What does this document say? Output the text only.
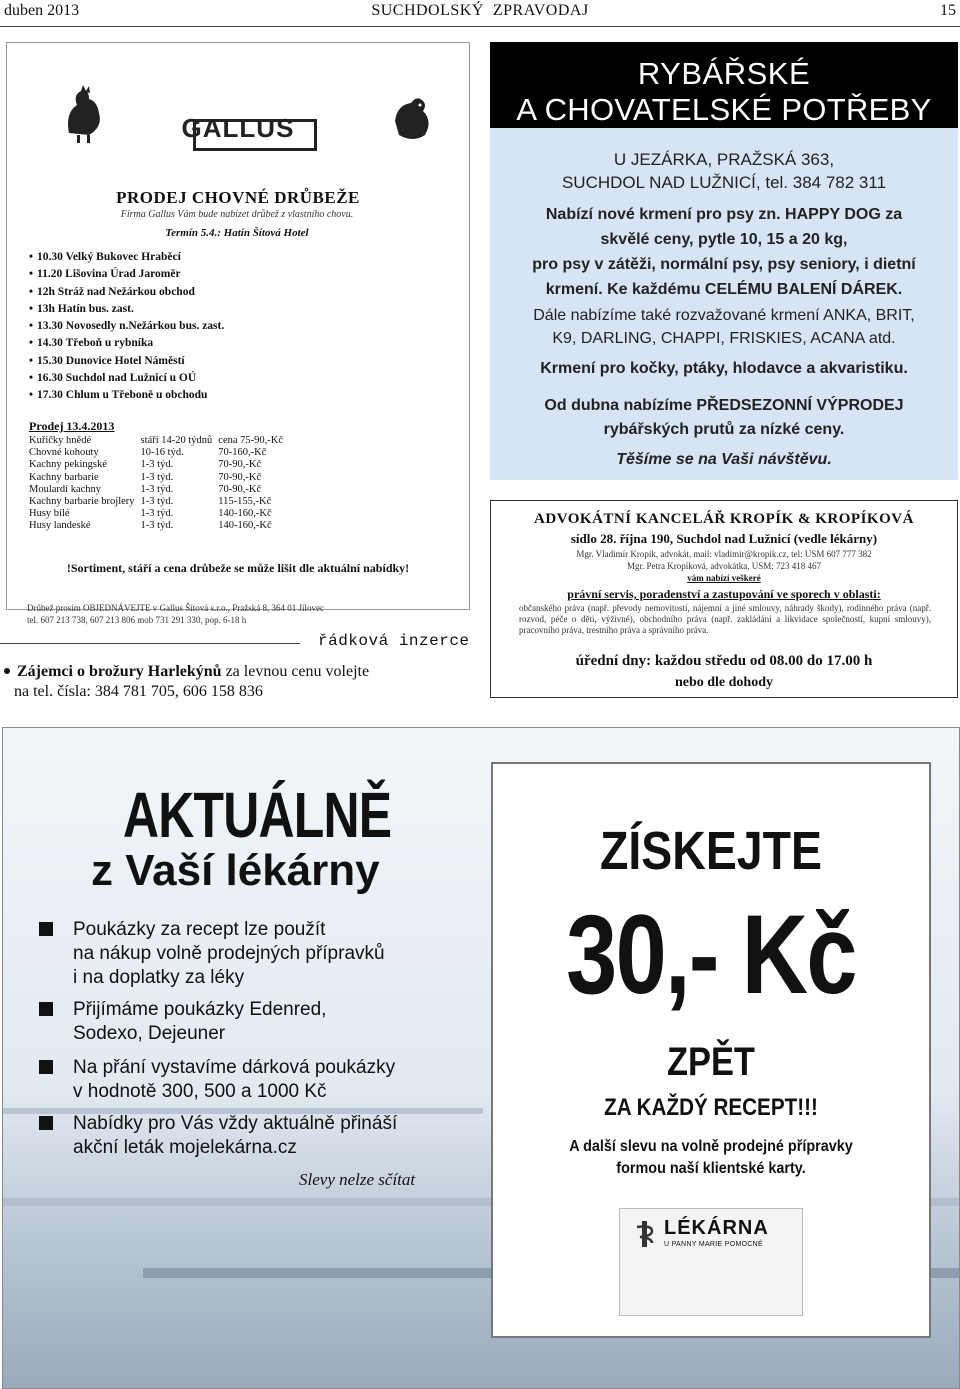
duben 2013	SUCHDOLSKÝ  ZPRAVODAJ	15
GALLUS
PRODEJ CHOVNÉ DRŮBEŽE
Firma Gallus Vám bude nabízet drůbež z vlastního chovu.
Termín 5.4.: Hatín Šítová Hotel
• 10.30 Velký Bukovec Hraběcí
• 11.20 Lišovina Úrad Jaroměr
• 12h Stráž nad Nežárkou obchod
• 13h Hatín bus. zast.
• 13.30 Novosedly n.Nežárkou bus. zast.
• 14.30 Třeboň u rybníka
• 15.30 Dunovice Hotel Náměstí
• 16.30 Suchdol nad Lužnicí u OÚ
• 17.30 Chlum u Třeboně u obchodu
Prodej 13.4.2013
Kuřičky hnědé	stáří 14-20 týdnů	cena 75-90,-Kč
Chovné kohouty	10-16 týd.	70-160,-Kč
Kachny pekingské	1-3 týd.	70-90,-Kč
Kachny barbarie	1-3 týd.	70-90,-Kč
Moulardí kachny	1-3 týd.	70-90,-Kč
Kachny barbarie brojlery	1-3 týd.	115-155,-Kč
Husy bílé	1-3 týd.	140-160,-Kč
Husy landeské	1-3 týd.	140-160,-Kč
!Sortiment, stáří a cena drůbeže se může lišit dle aktuální nabídky!
Drůbež prosím OBJEDNÁVEJTE v Gallus Šítová s.r.o., Pražská 8, 364 01 Jílovec
tel. 607 213 738, 607 213 806 mob 731 291 330, pop. 6-18 h
RYBÁŘSKÉ
A CHOVATELSKÉ POTŘEBY
U JEZÁRKA, PRAŽSKÁ 363,
SUCHDOL NAD LUŽNICÍ, tel. 384 782 311
Nabízí nové krmení pro psy zn. HAPPY DOG za
skvělé ceny, pytle 10, 15 a 20 kg,
pro psy v zátěži, normální psy, psy seniory, i dietní
krmení. Ke každému CELÉMU BALENÍ DÁREK.
Dále nabízíme také rozvažované krmení ANKA, BRIT,
K9, DARLING, CHAPPI, FRISKIES, ACANA atd.
Krmení pro kočky, ptáky, hlodavce a akvaristiku.
Od dubna nabízíme PŘEDSEZONNÍ VÝPRODEJ
rybářských prutů za nízké ceny.
Těšíme se na Vaši návštěvu.
ADVOKÁTNÍ KANCELÁŘ KROPÍK & KROPÍKOVÁ
sídlo 28. října 190, Suchdol nad Lužnicí (vedle lékárny)
Mgr. Vladimír Kropík, advokát, mail: vladimir@kropik.cz, tel: USM 607 777 382
Mgr. Petra Kropíková, advokátka, USM: 723 418 467
vám nabízí veškeré
právní servis, poradenství a zastupování ve sporech v oblasti:
občanského práva (např. převody nemovitostí, nájemní a jiné smlouvy, náhrady škody), rodinného práva (např. rozvod, péče o děti, výživné), obchodního práva (např. zakládání a likvidace společností, kupní smlouvy), pracovního práva, trestního práva a správního práva.
úřední dny: každou středu od 08.00 do 17.00 h
nebo dle dohody
řádková inzerce
Zájemci o brožury Harlekýnů za levnou cenu volejte
na tel. čísla: 384 781 705, 606 158 836
AKTUÁLNĚ
z Vaší lékárny
Poukázky za recept lze použít
na nákup volně prodejných přípravků
i na doplatky za léky
Přijímáme poukázky Edenred,
Sodexo, Dejeuner
Na přání vystavíme dárková poukázky
v hodnotě 300, 500 a 1000 Kč
Nabídky pro Vás vždy aktuálně přináší
akční leták mojelekárna.cz
Slevy nelze sčítat
ZÍSKEJTE
30,- Kč
ZPĚT
ZA KAŽDÝ RECEPT!!!
A další slevu na volně prodejné přípravky
formou naší klientské karty.
LÉKÁRNA
U PANNY MARIE POMOCNÉ
